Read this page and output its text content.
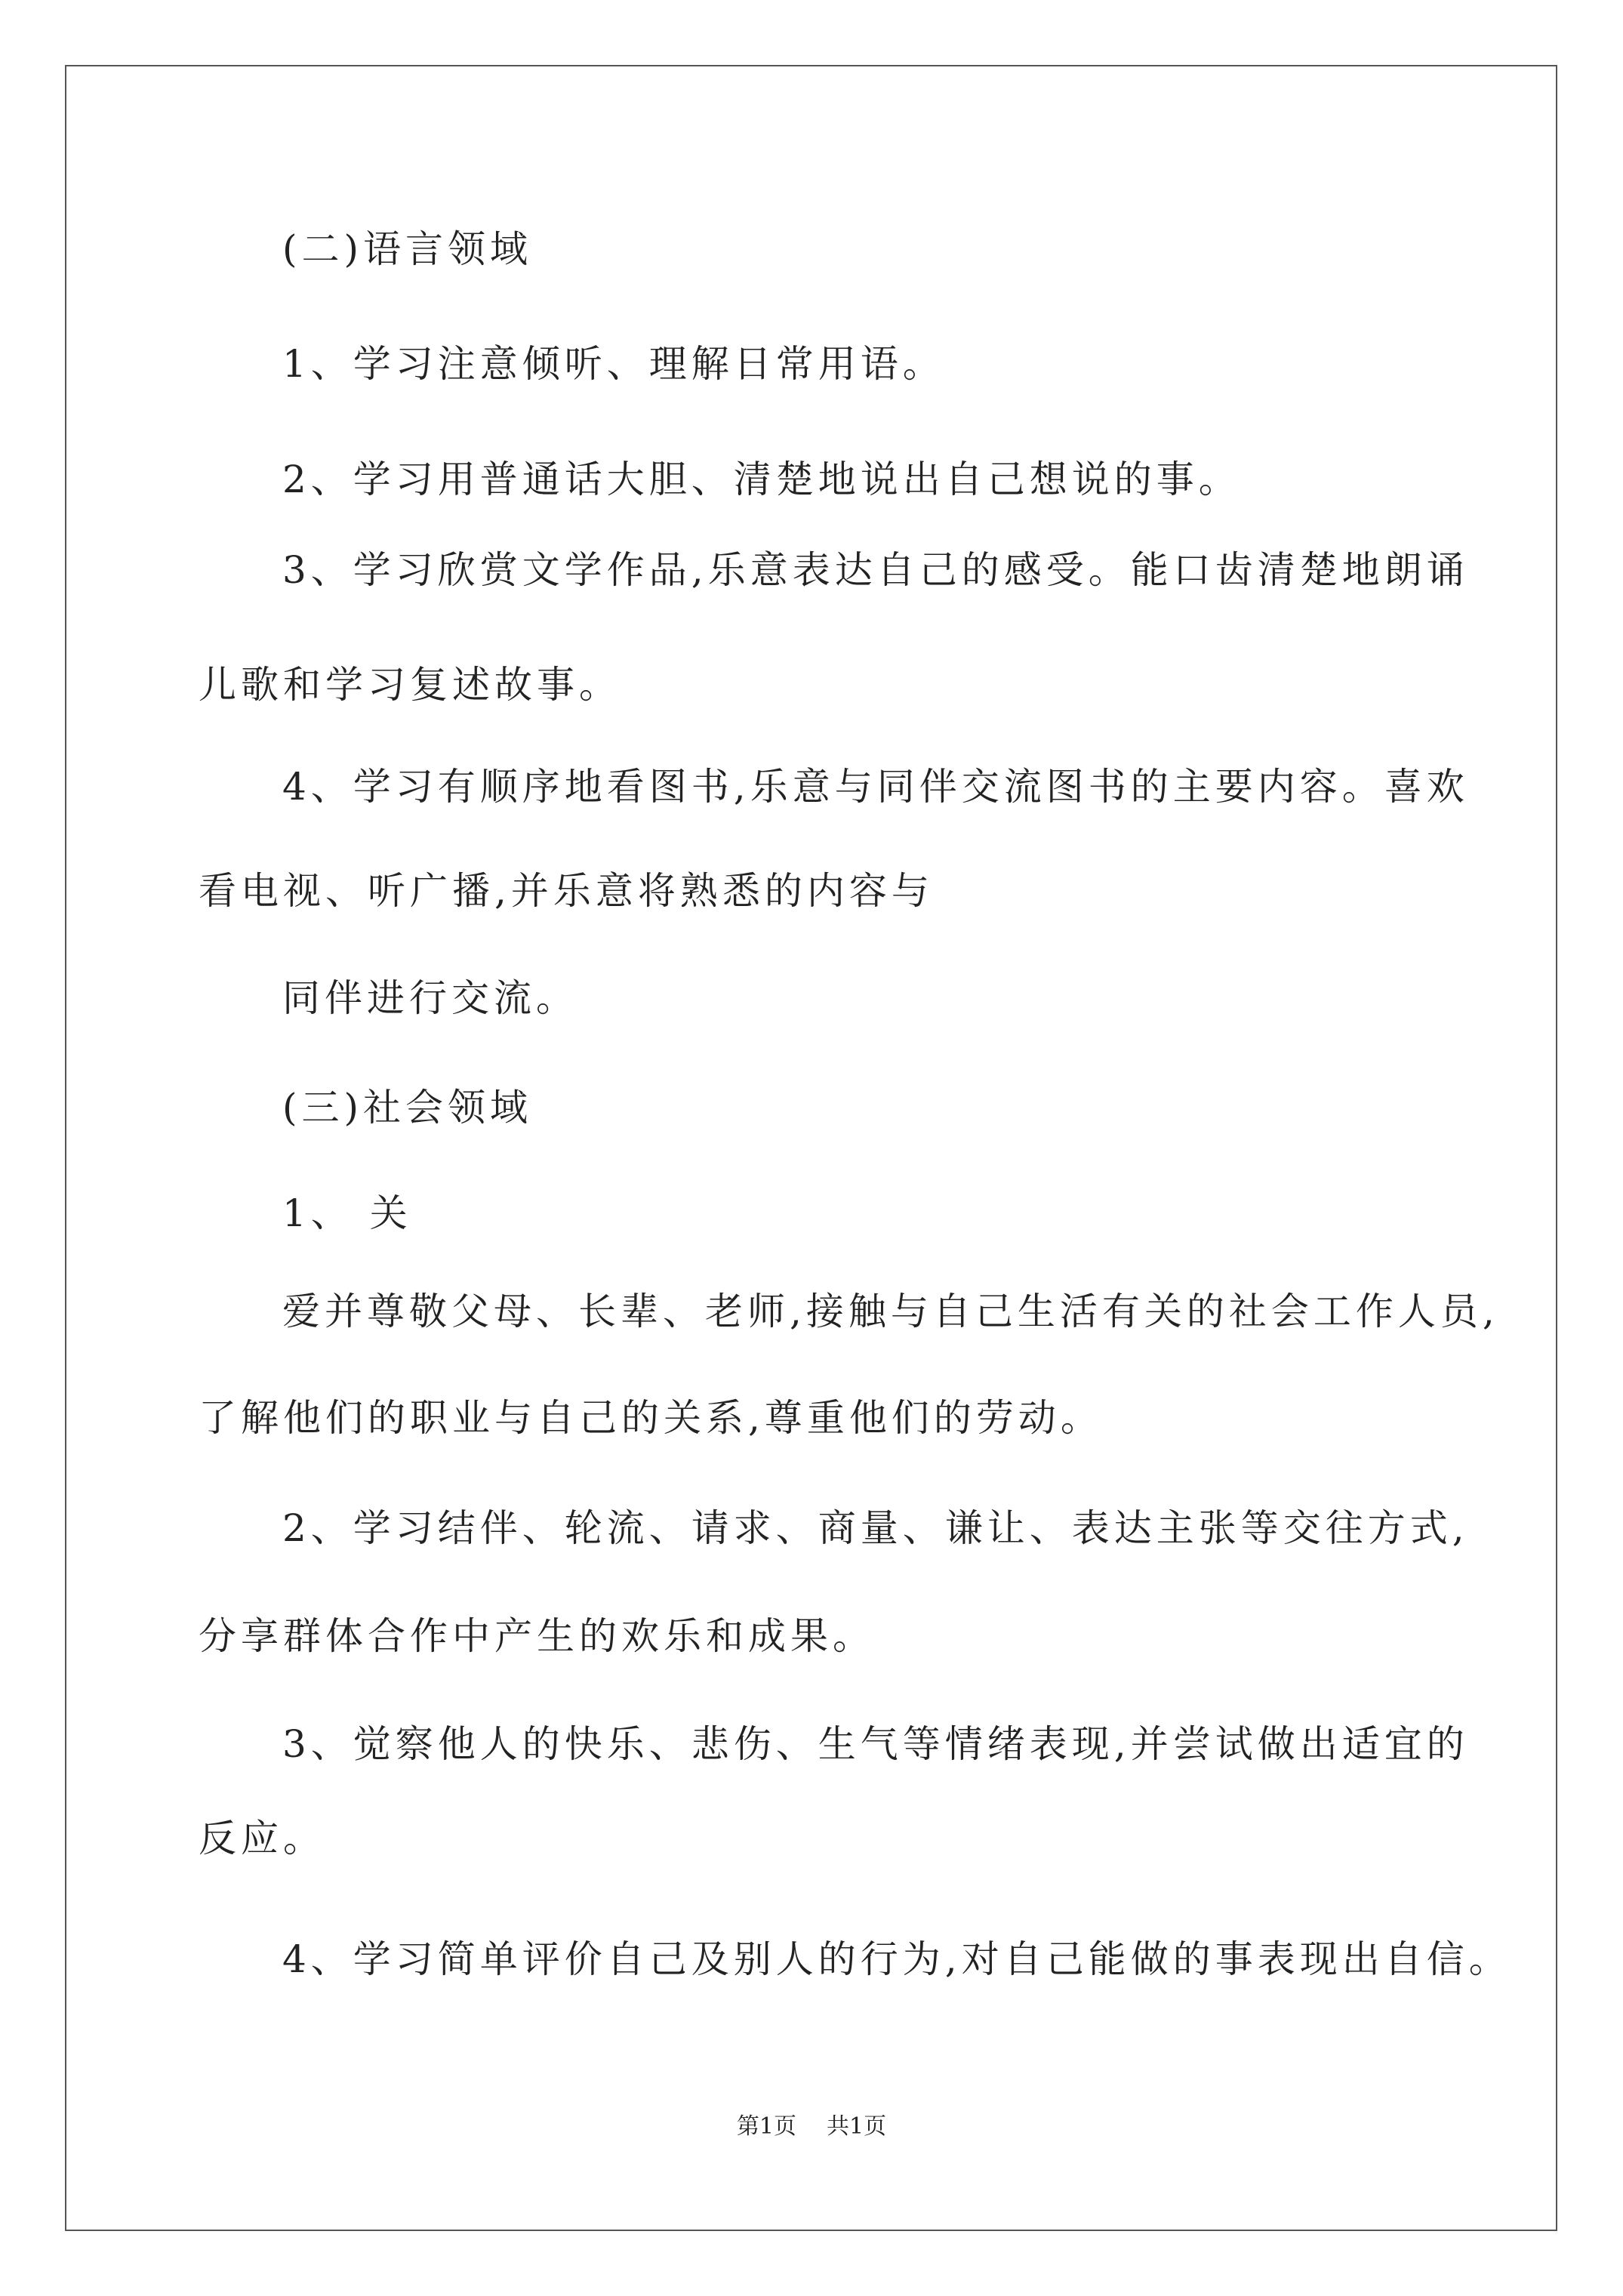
(二)语言领域
1、学习注意倾听、理解日常用语。
2、学习用普通话大胆、清楚地说出自己想说的事。
3、学习欣赏文学作品,乐意表达自己的感受。能口齿清楚地朗诵
儿歌和学习复述故事。
4、学习有顺序地看图书,乐意与同伴交流图书的主要内容。喜欢
看电视、听广播,并乐意将熟悉的内容与
同伴进行交流。
(三)社会领域
1、 关
爱并尊敬父母、长辈、老师,接触与自己生活有关的社会工作人员,
了解他们的职业与自己的关系,尊重他们的劳动。
2、学习结伴、轮流、请求、商量、谦让、表达主张等交往方式,
分享群体合作中产生的欢乐和成果。
3、觉察他人的快乐、悲伤、生气等情绪表现,并尝试做出适宜的
反应。
4、学习简单评价自己及别人的行为,对自己能做的事表现出自信。
第1页 共1页
